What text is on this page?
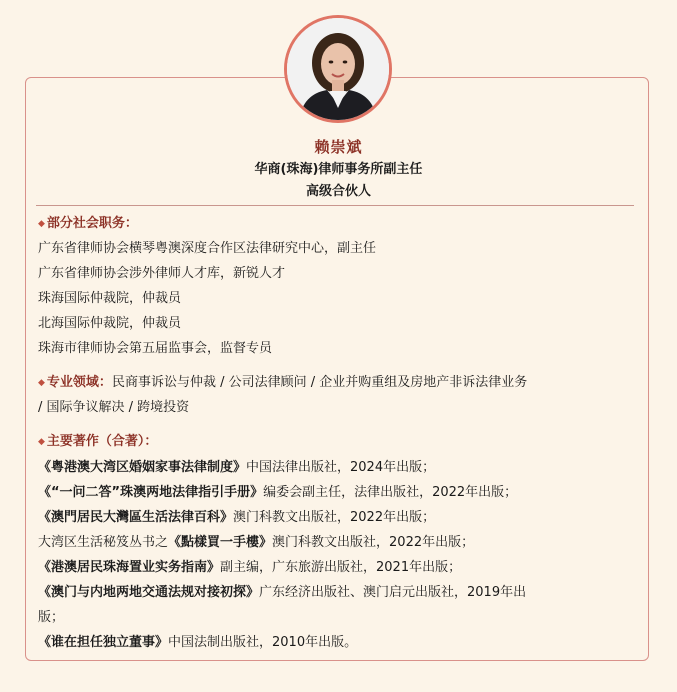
赖崇斌
华商(珠海)律师事务所副主任
高级合伙人
◆ 部分社会职务：
广东省律师协会横琴粤澳深度合作区法律研究中心，副主任
广东省律师协会涉外律师人才库，新锐人才
珠海国际仲裁院，仲裁员
北海国际仲裁院，仲裁员
珠海市律师协会第五届监事会，监督专员
◆ 专业领域：民商事诉讼与仲裁 / 公司法律顾问 / 企业并购重组及房地产非诉法律业务
/ 国际争议解决 / 跨境投资
◆ 主要著作（合著）：
《粤港澳大湾区婚姻家事法律制度》中国法律出版社，2024年出版；
《“一问二答”珠澳两地法律指引手册》编委会副主任，法律出版社，2022年出版；
《澳門居民大灣區生活法律百科》澳门科教文出版社，2022年出版；
大湾区生活秘笈丛书之《點樣買一手樓》澳门科教文出版社，2022年出版；
《港澳居民珠海置业实务指南》副主编，广东旅游出版社，2021年出版；
《澳门与内地两地交通法规对接初探》广东经济出版社、澳门启元出版社，2019年出
版；
《谁在担任独立董事》中国法制出版社，2010年出版。
